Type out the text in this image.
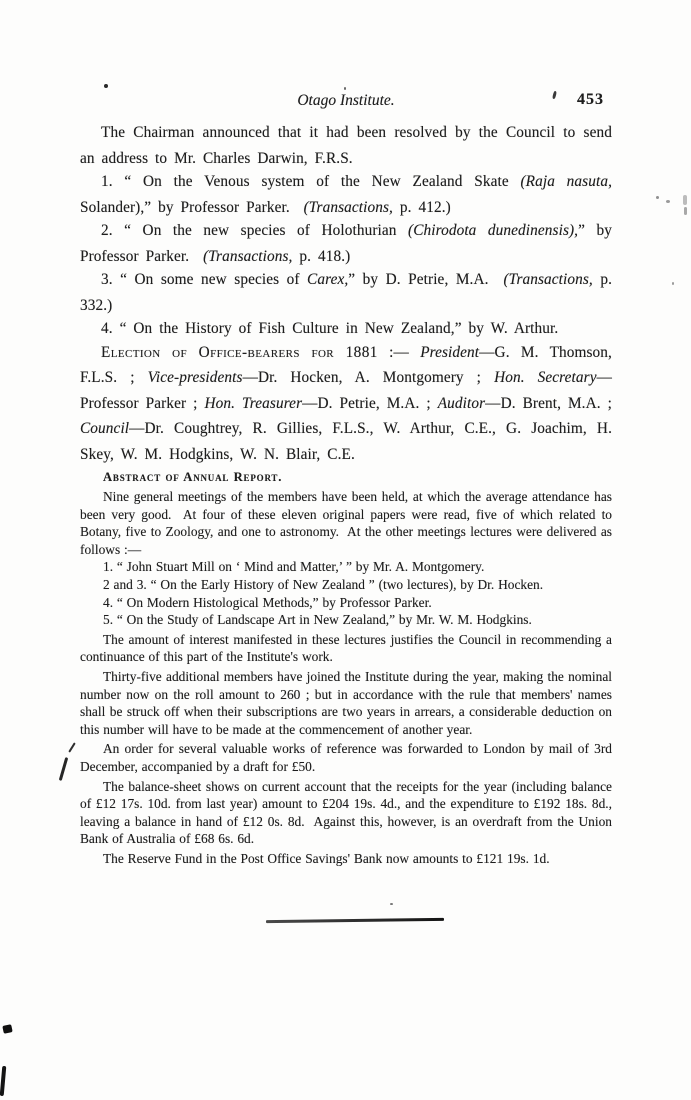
Otago Institute.	453

The Chairman announced that it had been resolved by the Council to send an address to Mr. Charles Darwin, F.R.S.

1. “ On the Venous system of the New Zealand Skate (Raja nasuta, Solander),” by Professor Parker.  (Transactions, p. 412.)

2. “ On the new species of Holothurian (Chirodota dunedinensis),” by Professor Parker.  (Transactions, p. 418.)

3. “ On some new species of Carex,” by D. Petrie, M.A.  (Transactions, p. 332.)

4. “ On the History of Fish Culture in New Zealand,” by W. Arthur.

Election of Office-bearers for 1881 :— President—G. M. Thomson, F.L.S. ; Vice-presidents—Dr. Hocken, A. Montgomery ; Hon. Secretary—Professor Parker ; Hon. Treasurer—D. Petrie, M.A. ; Auditor—D. Brent, M.A. ; Council—Dr. Coughtrey, R. Gillies, F.L.S., W. Arthur, C.E., G. Joachim, H. Skey, W. M. Hodgkins, W. N. Blair, C.E.

Abstract of Annual Report.

Nine general meetings of the members have been held, at which the average attendance has been very good.  At four of these eleven original papers were read, five of which related to Botany, five to Zoology, and one to astronomy.  At the other meetings lectures were delivered as follows :—

1. “ John Stuart Mill on ‘ Mind and Matter,’ ” by Mr. A. Montgomery.

2 and 3. “ On the Early History of New Zealand ” (two lectures), by Dr. Hocken.

4. “ On Modern Histological Methods,” by Professor Parker.

5. “ On the Study of Landscape Art in New Zealand,” by Mr. W. M. Hodgkins.

The amount of interest manifested in these lectures justifies the Council in recommending a continuance of this part of the Institute's work.

Thirty-five additional members have joined the Institute during the year, making the nominal number now on the roll amount to 260 ; but in accordance with the rule that members' names shall be struck off when their subscriptions are two years in arrears, a considerable deduction on this number will have to be made at the commencement of another year.

An order for several valuable works of reference was forwarded to London by mail of 3rd December, accompanied by a draft for £50.

The balance-sheet shows on current account that the receipts for the year (including balance of £12 17s. 10d. from last year) amount to £204 19s. 4d., and the expenditure to £192 18s. 8d., leaving a balance in hand of £12 0s. 8d.  Against this, however, is an overdraft from the Union Bank of Australia of £68 6s. 6d.

The Reserve Fund in the Post Office Savings' Bank now amounts to £121 19s. 1d.
